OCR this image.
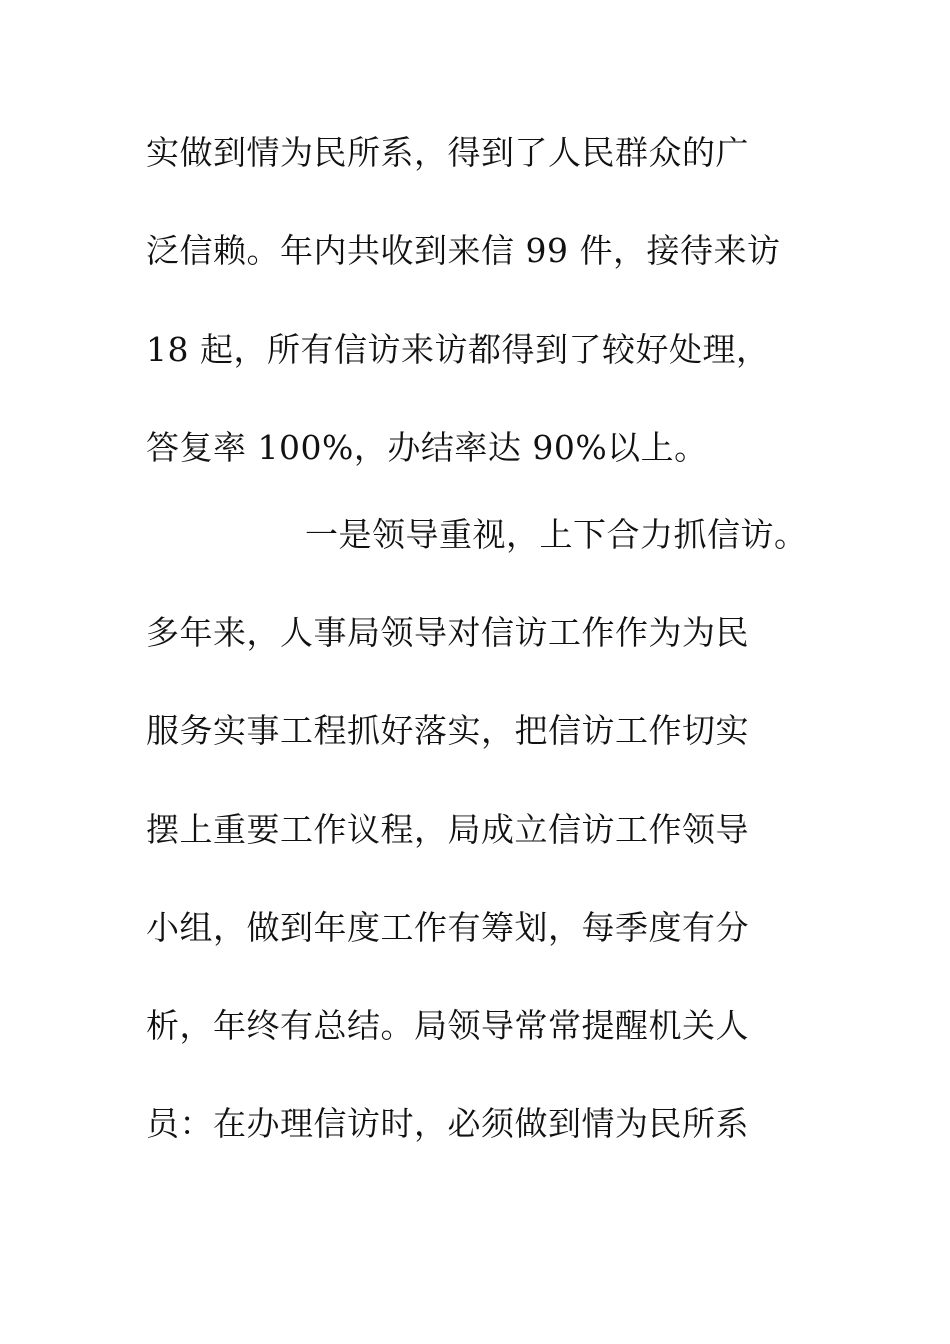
实做到情为民所系，得到了人民群众的广
泛信赖。年内共收到来信 99 件，接待来访
18 起，所有信访来访都得到了较好处理，
答复率 100%，办结率达 90%以上。
一是领导重视，上下合力抓信访。
多年来，人事局领导对信访工作作为为民
服务实事工程抓好落实，把信访工作切实
摆上重要工作议程，局成立信访工作领导
小组，做到年度工作有筹划，每季度有分
析，年终有总结。局领导常常提醒机关人
员：在办理信访时，必须做到情为民所系
